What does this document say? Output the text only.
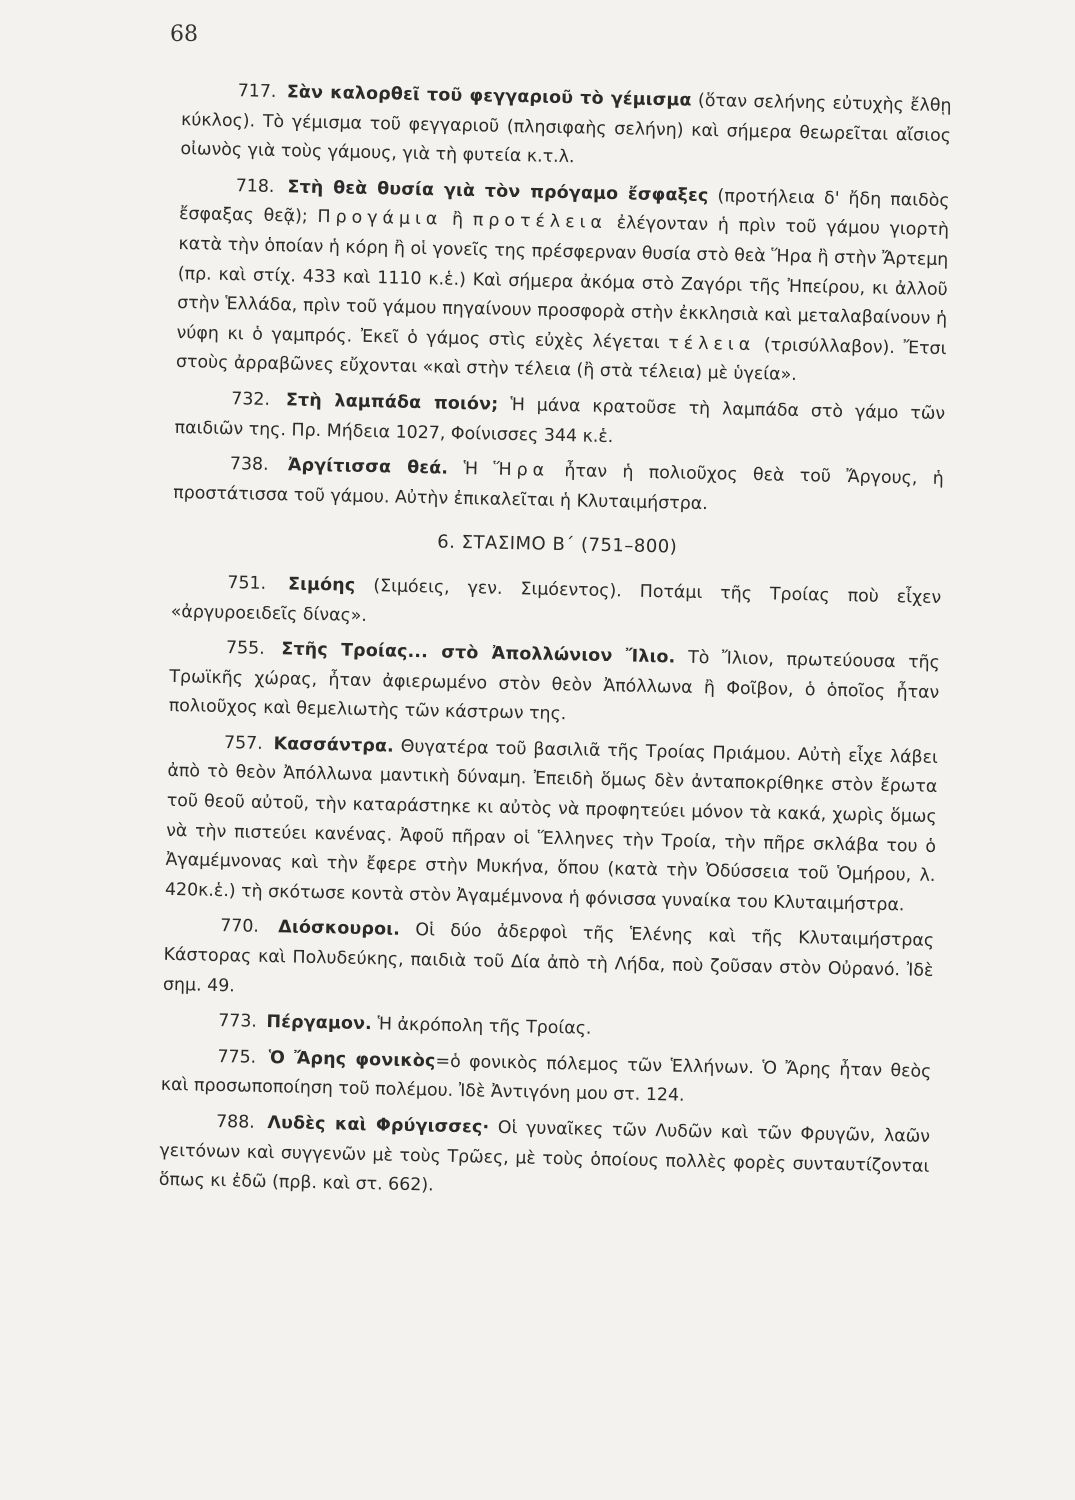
68

717. Σὰν καλορθεῖ τοῦ φεγγαριοῦ τὸ γέμισμα (ὅταν σελήνης εὐτυχὴς ἔλθῃ κύκλος). Τὸ γέμισμα τοῦ φεγγαριοῦ (πλησιφαὴς σελήνη) καὶ σήμερα θεωρεῖται αἴσιος οἰωνὸς γιὰ τοὺς γάμους, γιὰ τὴ φυτεία κ.τ.λ.

718. Στὴ θεὰ θυσία γιὰ τὸν πρόγαμο ἔσφαξες (προτήλεια δ' ἤδη παιδὸς ἔσφαξας θεᾷ); Προγάμια ἢ προτέλεια ἐλέγονταν ἡ πρὶν τοῦ γάμου γιορτὴ κατὰ τὴν ὁποίαν ἡ κόρη ἢ οἱ γονεῖς της πρέσφερναν θυσία στὸ θεὰ Ἥρα ἢ στὴν Ἄρτεμη (πρ. καὶ στίχ. 433 καὶ 1110 κ.ἑ.) Καὶ σήμερα ἀκόμα στὸ Ζαγόρι τῆς Ἠπείρου, κι ἀλλοῦ στὴν Ἑλλάδα, πρὶν τοῦ γάμου πηγαίνουν προσφορὰ στὴν ἐκκλησιὰ καὶ μεταλαβαίνουν ἡ νύφη κι ὁ γαμπρός. Ἐκεῖ ὁ γάμος στὶς εὐχὲς λέγεται τέλεια (τρισύλλαβον). Ἔτσι στοὺς ἀρραβῶνες εὔχονται «καὶ στὴν τέλεια (ἢ στὰ τέλεια) μὲ ὑγεία».

732. Στὴ λαμπάδα ποιόν; Ἡ μάνα κρατοῦσε τὴ λαμπάδα στὸ γάμο τῶν παιδιῶν της. Πρ. Μήδεια 1027, Φοίνισσες 344 κ.ἑ.

738. Ἀργίτισσα θεά. Ἡ Ἥρα ἦταν ἡ πολιοῦχος θεὰ τοῦ Ἄργους, ἡ προστάτισσα τοῦ γάμου. Αὐτὴν ἐπικαλεῖται ἡ Κλυταιμήστρα.

6. ΣΤΑΣΙΜΟ Β΄ (751–800)

751. Σιμόης (Σιμόεις, γεν. Σιμόεντος). Ποτάμι τῆς Τροίας ποὺ εἶχεν «ἀργυροειδεῖς δίνας».

755. Στῆς Τροίας... στὸ Ἀπολλώνιον Ἴλιο. Τὸ Ἴλιον, πρωτεύουσα τῆς Τρωϊκῆς χώρας, ἦταν ἀφιερωμένο στὸν θεὸν Ἀπόλλωνα ἢ Φοῖβον, ὁ ὁποῖος ἦταν πολιοῦχος καὶ θεμελιωτὴς τῶν κάστρων της.

757. Κασσάντρα. Θυγατέρα τοῦ βασιλιᾶ τῆς Τροίας Πριάμου. Αὐτὴ εἶχε λάβει ἀπὸ τὸ θεὸν Ἀπόλλωνα μαντικὴ δύναμη. Ἐπειδὴ ὅμως δὲν ἀνταποκρίθηκε στὸν ἔρωτα τοῦ θεοῦ αὐτοῦ, τὴν καταράστηκε κι αὐτὸς νὰ προφητεύει μόνον τὰ κακά, χωρὶς ὅμως νὰ τὴν πιστεύει κανένας. Ἀφοῦ πῆραν οἱ Ἕλληνες τὴν Τροία, τὴν πῆρε σκλάβα του ὁ Ἀγαμέμνονας καὶ τὴν ἔφερε στὴν Μυκήνα, ὅπου (κατὰ τὴν Ὀδύσσεια τοῦ Ὁμήρου, λ. 420κ.ἑ.) τὴ σκότωσε κοντὰ στὸν Ἀγαμέμνονα ἡ φόνισσα γυναίκα του Κλυταιμήστρα.

770. Διόσκουροι. Οἱ δύο ἀδερφοὶ τῆς Ἑλένης καὶ τῆς Κλυταιμήστρας Κάστορας καὶ Πολυδεύκης, παιδιὰ τοῦ Δία ἀπὸ τὴ Λήδα, ποὺ ζοῦσαν στὸν Οὐρανό. Ἰδὲ σημ. 49.

773. Πέργαμον. Ἡ ἀκρόπολη τῆς Τροίας.

775. Ὁ Ἄρης φονικὸς=ὁ φονικὸς πόλεμος τῶν Ἑλλήνων. Ὁ Ἄρης ἦταν θεὸς καὶ προσωποποίηση τοῦ πολέμου. Ἰδὲ Ἀντιγόνη μου στ. 124.

788. Λυδὲς καὶ Φρύγισσες· Οἱ γυναῖκες τῶν Λυδῶν καὶ τῶν Φρυγῶν, λαῶν γειτόνων καὶ συγγενῶν μὲ τοὺς Τρῶες, μὲ τοὺς ὁποίους πολλὲς φορὲς συνταυτίζονται ὅπως κι ἐδῶ (πρβ. καὶ στ. 662).
